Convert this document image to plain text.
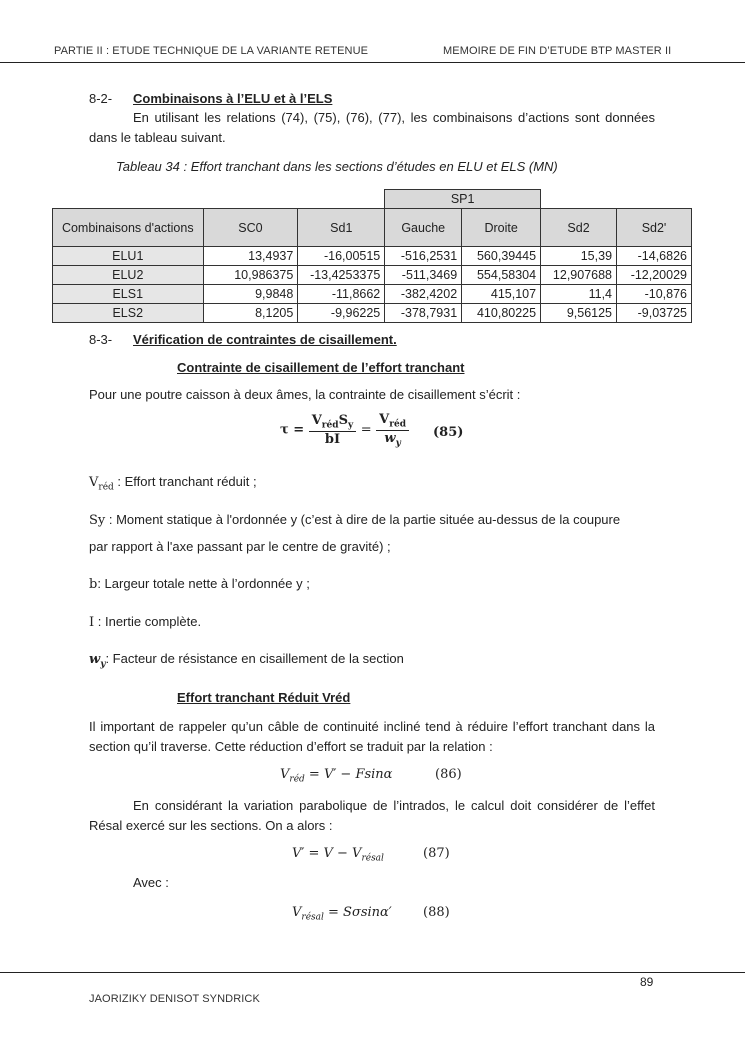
PARTIE II : ETUDE TECHNIQUE DE LA VARIANTE RETENUE	MEMOIRE DE FIN D’ETUDE BTP MASTER II
8-2- Combinaisons à l’ELU et à l’ELS
En utilisant les relations (74), (75), (76), (77), les combinaisons d’actions sont données dans le tableau suivant.
Tableau 34 : Effort tranchant dans les sections d’études en ELU et ELS (MN)
			SP1			
Combinaisons d'actions	SC0	Sd1	Gauche	Droite	Sd2	Sd2'
ELU1	13,4937	-16,00515	-516,2531	560,39445	15,39	-14,6826
ELU2	10,986375	-13,4253375	-511,3469	554,58304	12,907688	-12,20029
ELS1	9,9848	-11,8662	-382,4202	415,107	11,4	-10,876
ELS2	8,1205	-9,96225	-378,7931	410,80225	9,56125	-9,03725
8-3- Vérification de contraintes de cisaillement.
Contrainte de cisaillement de l’effort tranchant
Pour une poutre caisson à deux âmes, la contrainte de cisaillement s’écrit :
$\tau = \frac{V_{réd}S_y}{bI} = \frac{V_{réd}}{w_y} (85)$
$V_{réd}$ : Effort tranchant réduit ;
Sy : Moment statique à l'ordonnée y (c’est à dire de la partie située au-dessus de la coupure
par rapport à l'axe passant par le centre de gravité) ;
b: Largeur totale nette à l’ordonnée y ;
I : Inertie complète.
$w_y$: Facteur de résistance en cisaillement de la section
Effort tranchant Réduit Vréd
Il important de rappeler qu’un câble de continuité incliné tend à réduire l’effort tranchant dans la section qu’il traverse. Cette réduction d’effort se traduit par la relation :
$V_{réd} = V' - Fsin\alpha$	(86)
En considérant la variation parabolique de l’intrados, le calcul doit considérer de l’effet Résal exercé sur les sections. On a alors :
$V' = V - V_{résal}$	(87)
Avec :
$V_{résal} = S\sigma\sin\alpha'$ (88)
89
JAORIZIKY DENISOT SYNDRICK
